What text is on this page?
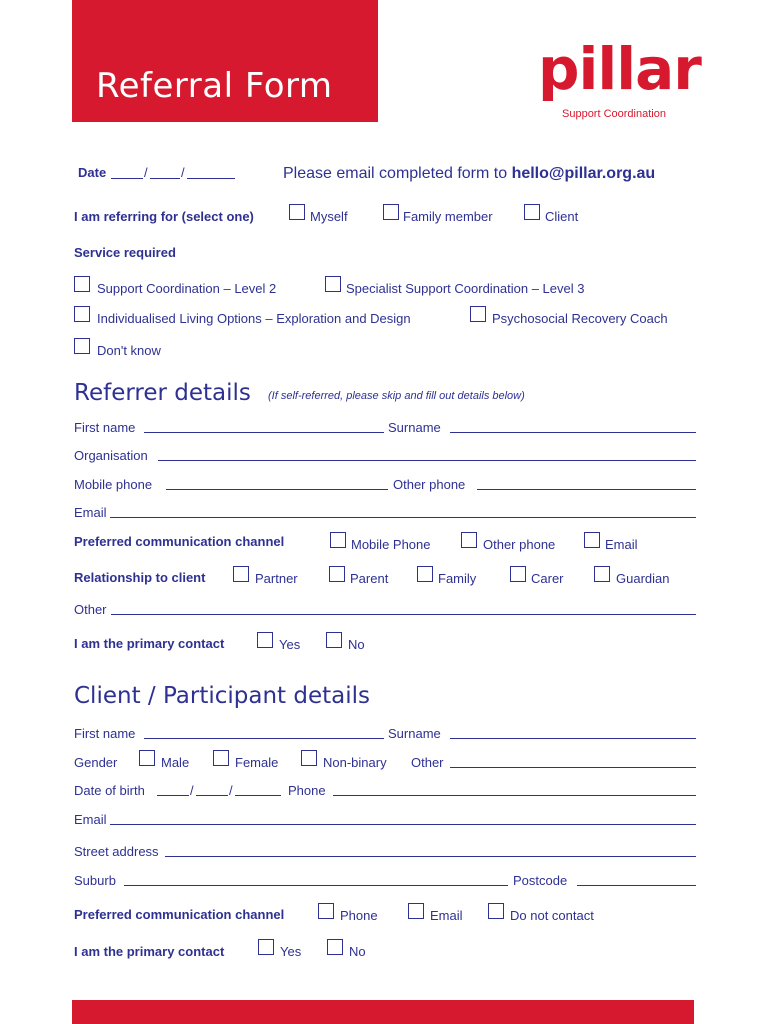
Referral Form	pillar
Support Coordination
Date	/	/	Please email completed form to hello@pillar.org.au
I am referring for (select one)	Myself	Family member	Client
Service required
Support Coordination – Level 2	Specialist Support Coordination – Level 3
Individualised Living Options – Exploration and Design	Psychosocial Recovery Coach
Don't know
Referrer details (If self-referred, please skip and fill out details below)
First name	Surname
Organisation
Mobile phone	Other phone
Email
Preferred communication channel	Mobile Phone	Other phone	Email
Relationship to client	Partner	Parent	Family	Carer	Guardian
Other
I am the primary contact	Yes	No
Client / Participant details
First name	Surname
Gender	Male	Female	Non-binary Other
Date of birth	/	/	Phone
Email
Street address
Suburb	Postcode
Preferred communication channel	Phone	Email	Do not contact
I am the primary contact	Yes	No
